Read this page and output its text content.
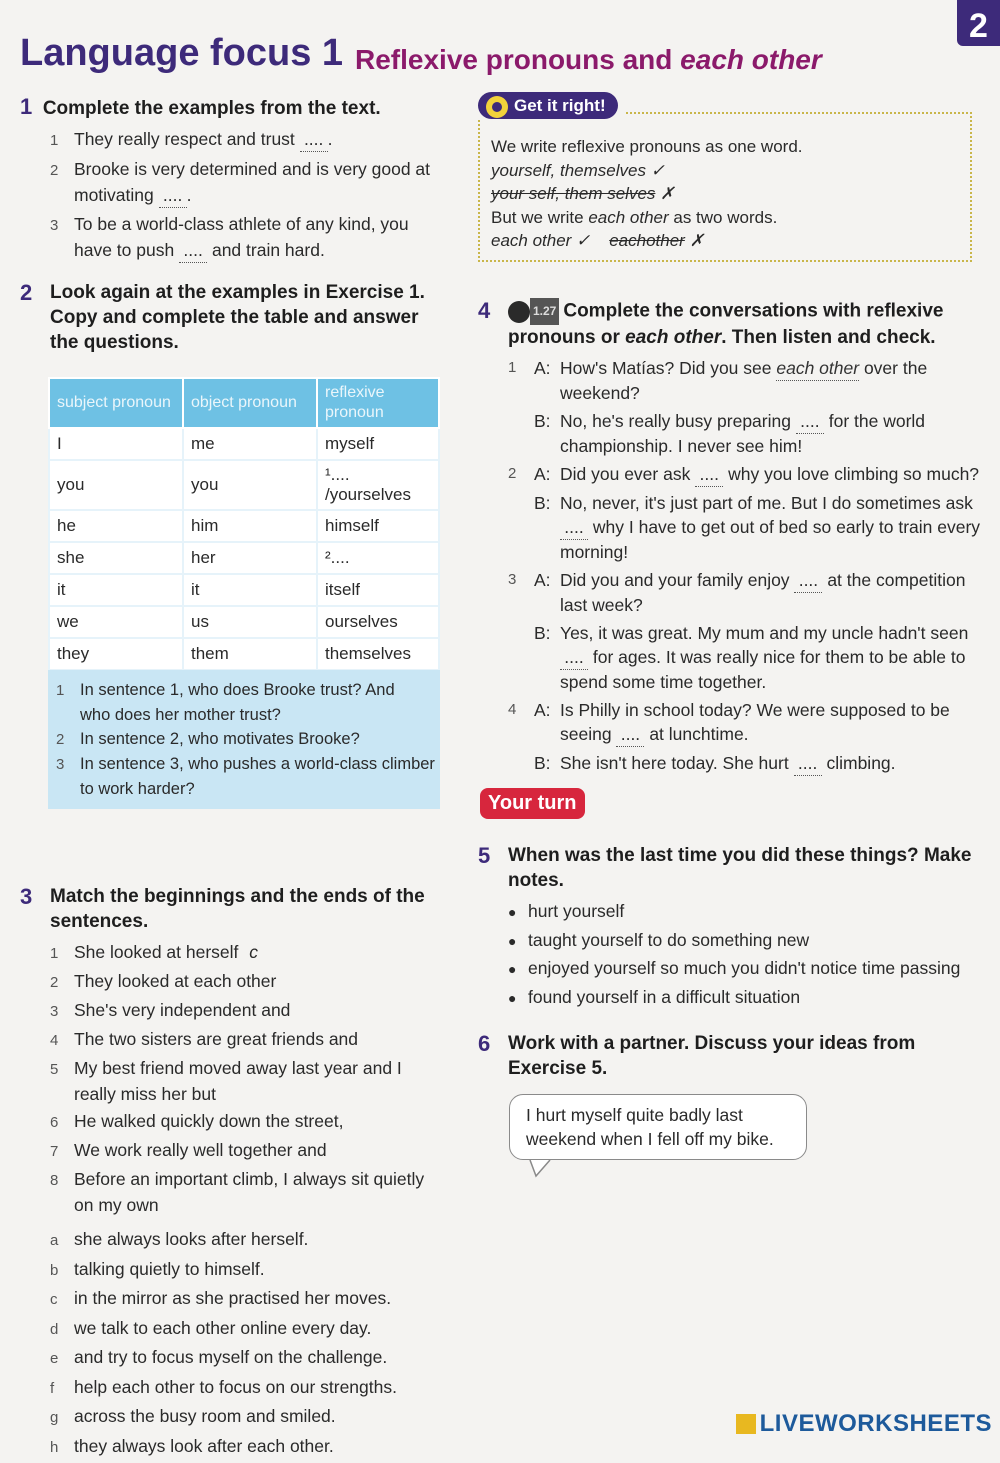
Language focus 1 Reflexive pronouns and each other
2
1 Complete the examples from the text.
1 They really respect and trust .... .
2 Brooke is very determined and is very good at
motivating .... .
3 To be a world-class athlete of any kind, you
have to push .... and train hard.
2 Look again at the examples in Exercise 1.
Copy and complete the table and answer
the questions.
subject pronoun	object pronoun	reflexive pronoun
I	me	myself
you	you	¹.... /yourselves
he	him	himself
she	her	²....
it	it	itself
we	us	ourselves
they	them	themselves
1 In sentence 1, who does Brooke trust? And
who does her mother trust?
2 In sentence 2, who motivates Brooke?
3 In sentence 3, who pushes a world-class climber
to work harder?
3 Match the beginnings and the ends of the
sentences.
1 She looked at herself c
2 They looked at each other
3 She's very independent and
4 The two sisters are great friends and
5 My best friend moved away last year and I
really miss her but
6 He walked quickly down the street,
7 We work really well together and
8 Before an important climb, I always sit quietly
on my own
a she always looks after herself.
b talking quietly to himself.
c in the mirror as she practised her moves.
d we talk to each other online every day.
e and try to focus myself on the challenge.
f help each other to focus on our strengths.
g across the busy room and smiled.
h they always look after each other.
Get it right!
We write reflexive pronouns as one word.
yourself, themselves ✓
your self, them selves ✗
But we write each other as two words.
each other ✓ eachother ✗
4	1.27 Complete the conversations with reflexive
pronouns or each other. Then listen and check.
1 A: How's Matías? Did you see each other over the
weekend?
B: No, he's really busy preparing .... for the world
championship. I never see him!
2 A: Did you ever ask .... why you love climbing so much?
B: No, never, it's just part of me. But I do sometimes ask
.... why I have to get out of bed so early to train every
morning!
3 A: Did you and your family enjoy .... at the competition
last week?
B: Yes, it was great. My mum and my uncle hadn't seen
.... for ages. It was really nice for them to be able to
spend some time together.
4 A: Is Philly in school today? We were supposed to be
seeing .... at lunchtime.
B: She isn't here today. She hurt .... climbing.
Your turn
5 When was the last time you did these things? Make
notes.
● hurt yourself
● taught yourself to do something new
● enjoyed yourself so much you didn't notice time passing
● found yourself in a difficult situation
6 Work with a partner. Discuss your ideas from
Exercise 5.
I hurt myself quite badly last
weekend when I fell off my bike.
LIVEWORKSHEETS
